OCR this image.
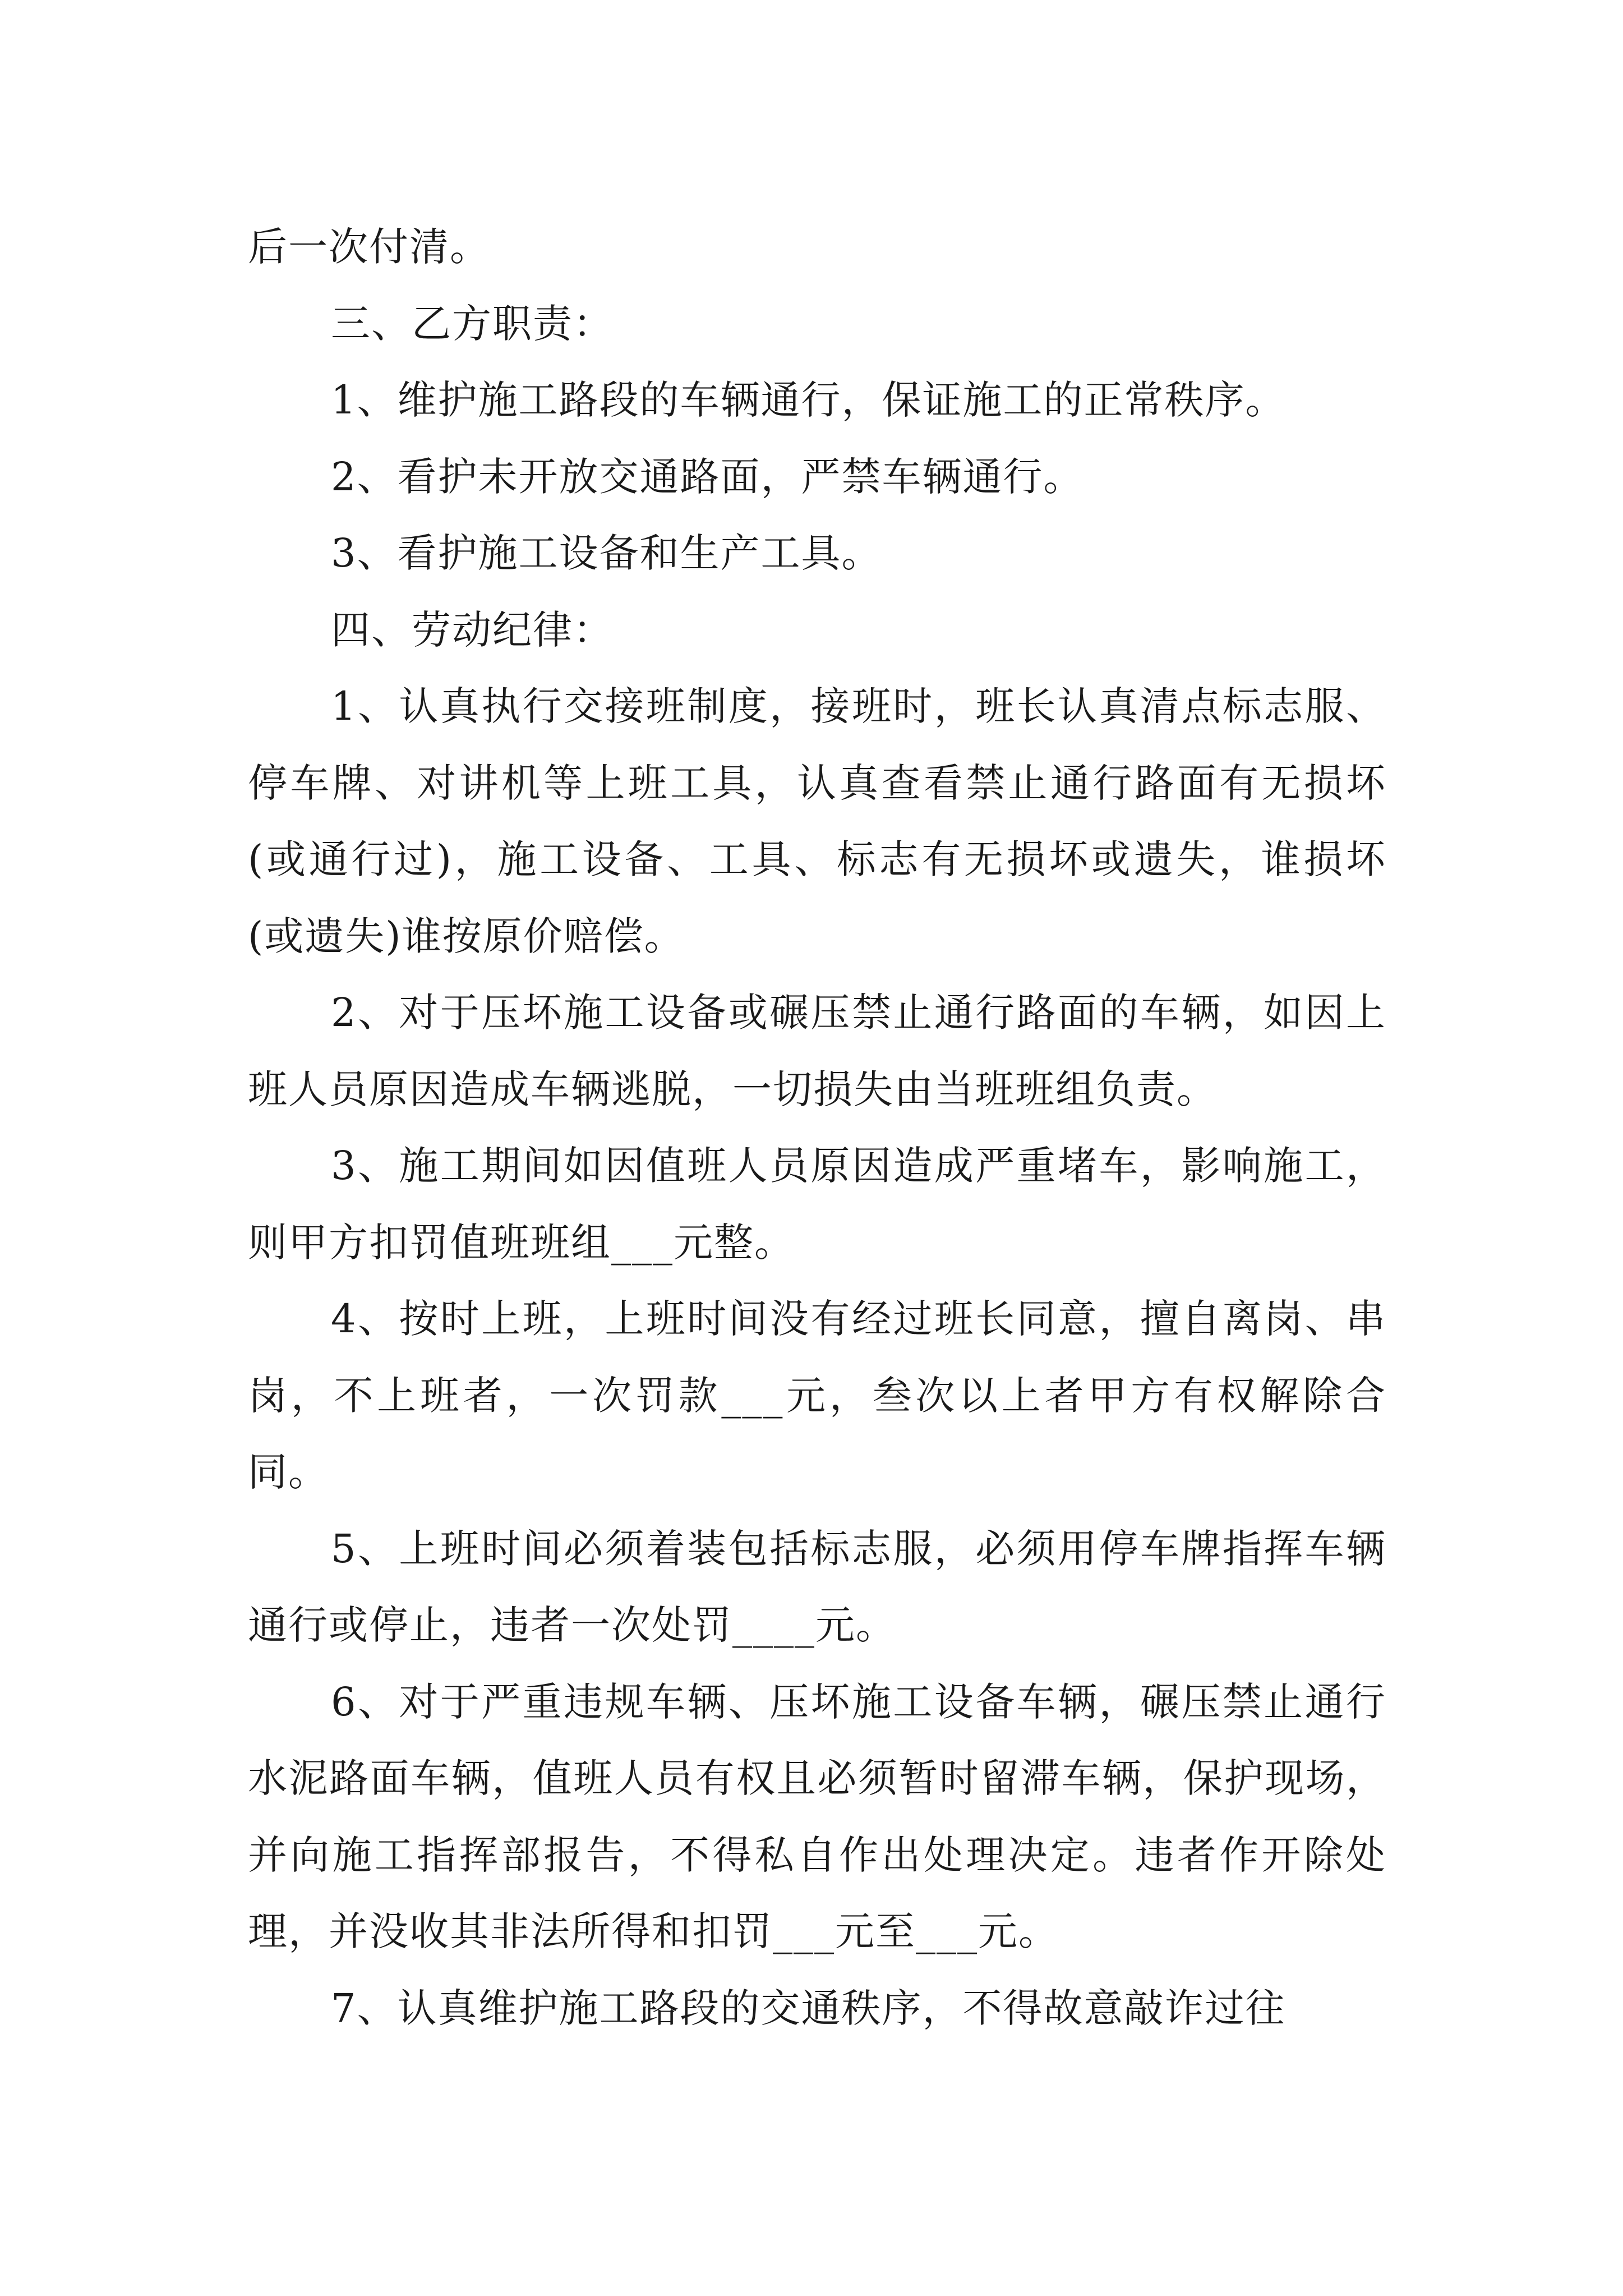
后一次付清。

三、乙方职责：

1、维护施工路段的车辆通行，保证施工的正常秩序。

2、看护未开放交通路面，严禁车辆通行。

3、看护施工设备和生产工具。

四、劳动纪律：

1、认真执行交接班制度，接班时，班长认真清点标志服、停车牌、对讲机等上班工具，认真查看禁止通行路面有无损坏(或通行过)，施工设备、工具、标志有无损坏或遗失，谁损坏(或遗失)谁按原价赔偿。

2、对于压坏施工设备或碾压禁止通行路面的车辆，如因上班人员原因造成车辆逃脱，一切损失由当班班组负责。

3、施工期间如因值班人员原因造成严重堵车，影响施工，则甲方扣罚值班班组___元整。

4、按时上班，上班时间没有经过班长同意，擅自离岗、串岗，不上班者，一次罚款___元，叁次以上者甲方有权解除合同。

5、上班时间必须着装包括标志服，必须用停车牌指挥车辆通行或停止，违者一次处罚____元。

6、对于严重违规车辆、压坏施工设备车辆，碾压禁止通行水泥路面车辆，值班人员有权且必须暂时留滞车辆，保护现场，并向施工指挥部报告，不得私自作出处理决定。违者作开除处理，并没收其非法所得和扣罚___元至___元。

7、认真维护施工路段的交通秩序，不得故意敲诈过往
